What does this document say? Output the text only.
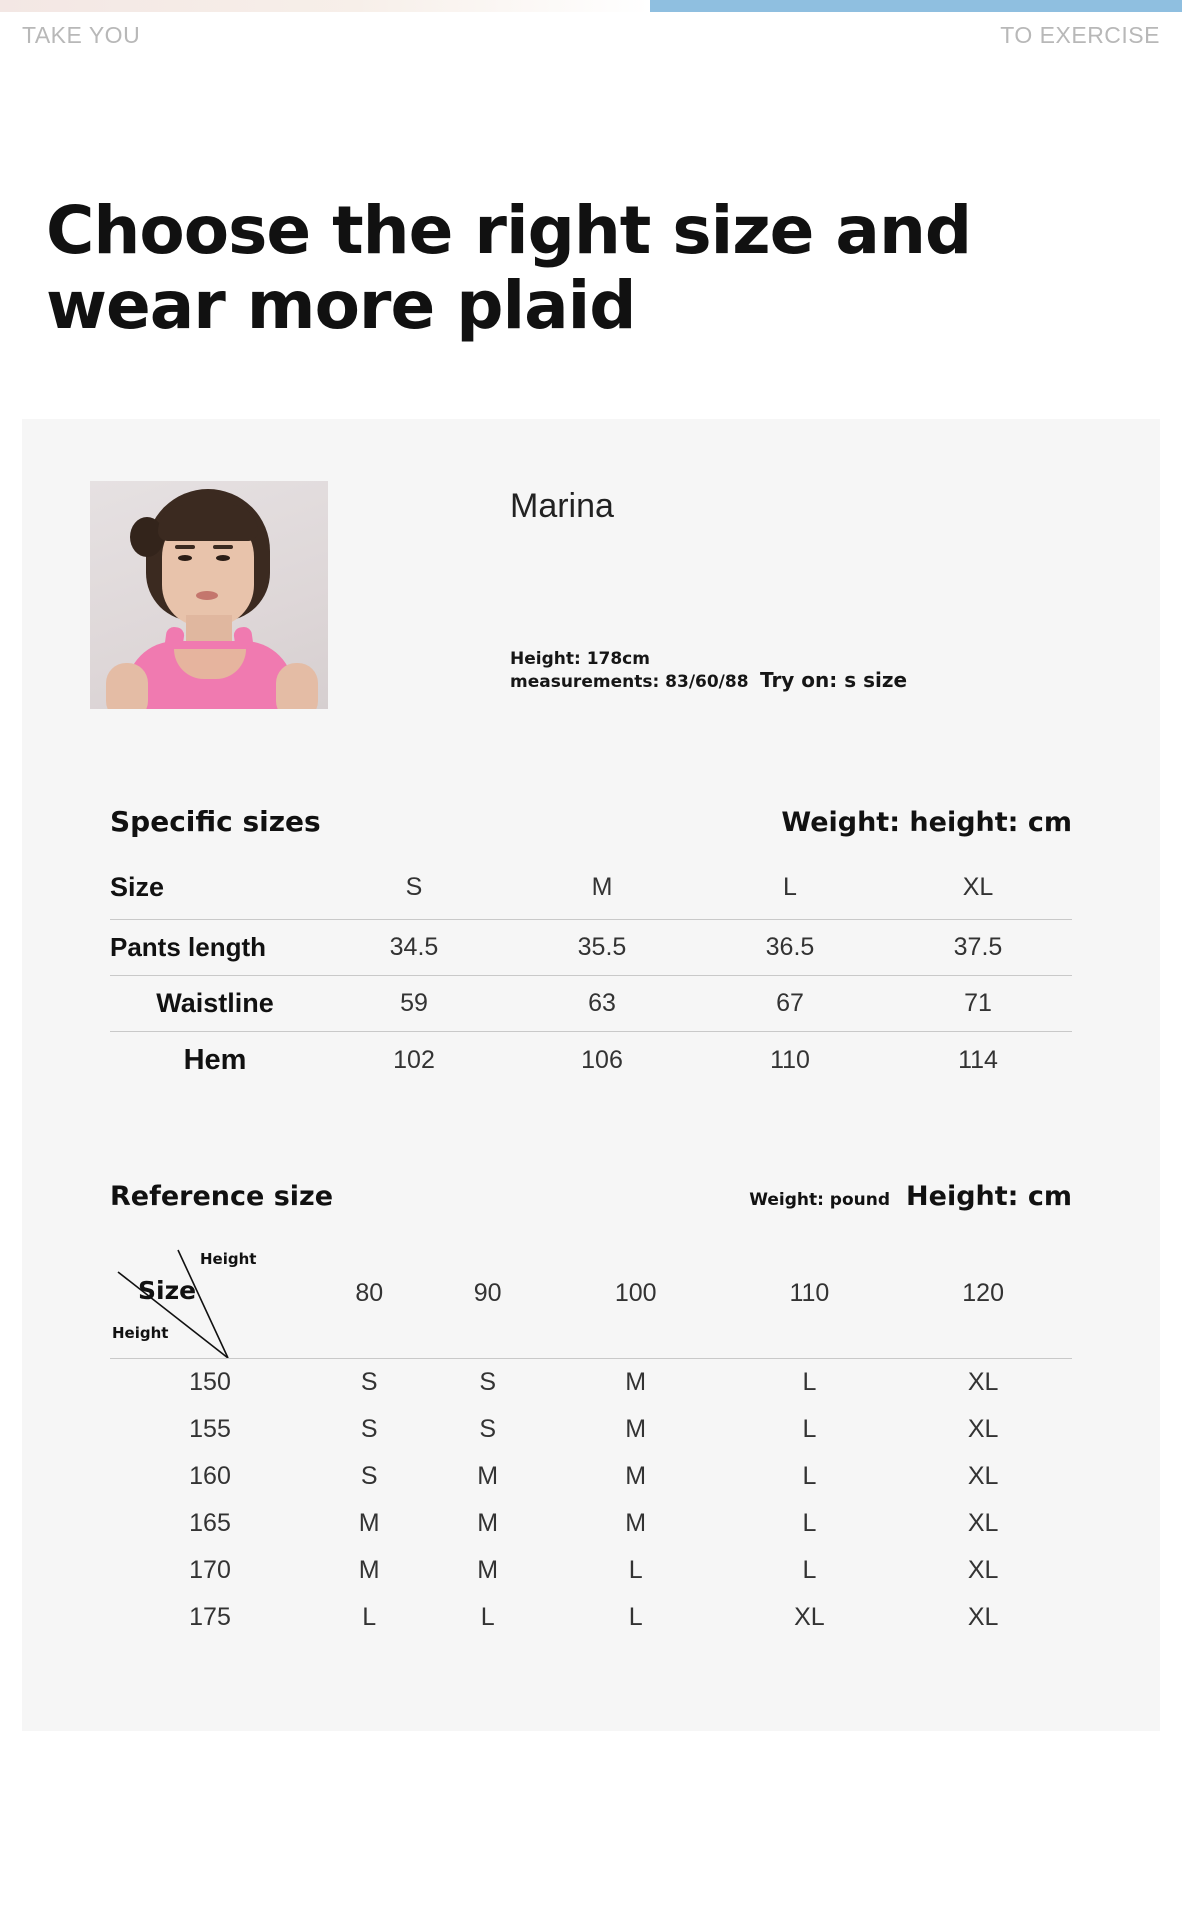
TAKE YOU	TO EXERCISE
Choose the right size and wear more plaid
Marina
Height: 178cm measurements: 83/60/88 Try on: s size
Specific sizes	Weight: height: cm
Size	S	M	L	XL
Pants length	34.5	35.5	36.5	37.5
Waistline	59	63	67	71
Hem	102	106	110	114
Reference size	Weight: pound Height: cm
Height
Size
Height	80	90	100	110	120
150	S	S	M	L	XL
155	S	S	M	L	XL
160	S	M	M	L	XL
165	M	M	M	L	XL
170	M	M	L	L	XL
175	L	L	L	XL	XL
